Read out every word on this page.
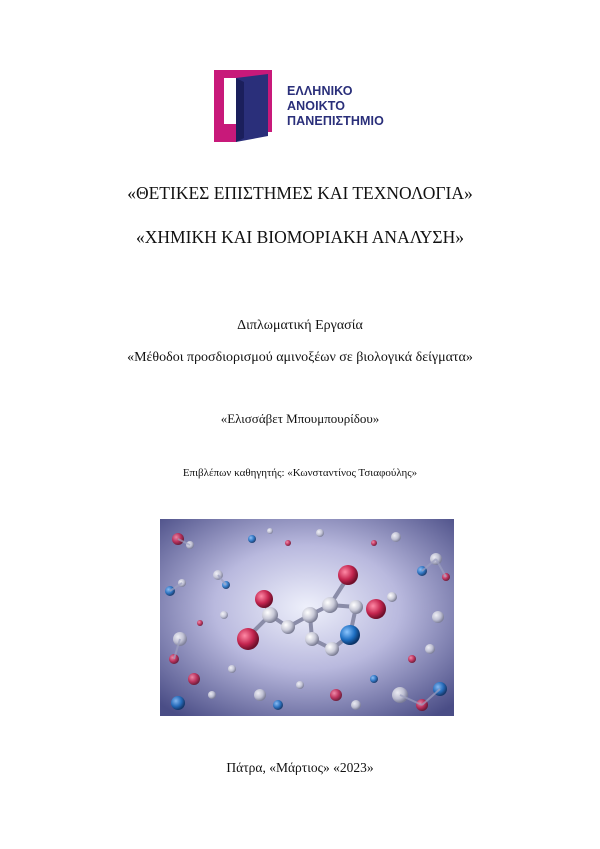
ΕΛΛΗΝΙΚΟ
ΑΝΟΙΚΤΟ
ΠΑΝΕΠΙΣΤΗΜΙΟ
«ΘΕΤΙΚΕΣ ΕΠΙΣΤΗΜΕΣ ΚΑΙ ΤΕΧΝΟΛΟΓΙΑ»
«ΧΗΜΙΚΗ ΚΑΙ ΒΙΟΜΟΡΙΑΚΗ ΑΝΑΛΥΣΗ»
Διπλωματική Εργασία
«Μέθοδοι προσδιορισμού αμινοξέων σε βιολογικά δείγματα»
«Ελισσάβετ Μπουμπουρίδου»
Επιβλέπων καθηγητής: «Κωνσταντίνος Τσιαφούλης»
Πάτρα, «Μάρτιος» «2023»
